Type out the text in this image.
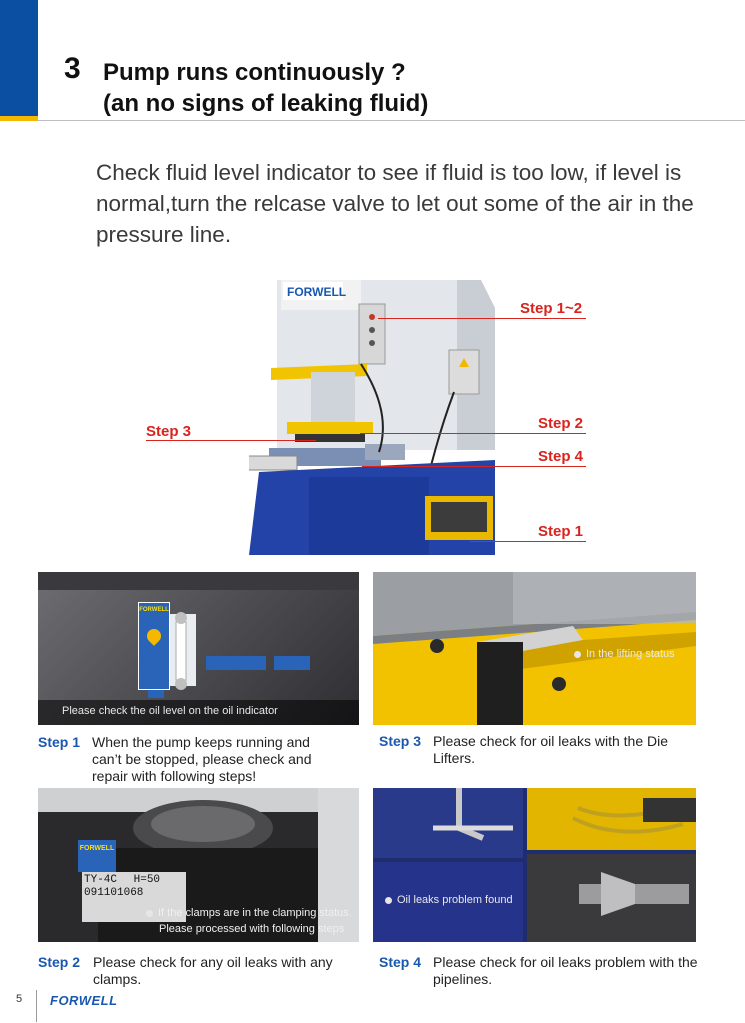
3 Pump runs continuously ?
(an no signs of leaking fluid)
Check fluid level indicator to see if fluid is too low, if level is normal,turn the relcase valve to let out some of the air in the pressure line.
FORWELL
Step 1~2
Step 2
Step 4
Step 1
Step 3
FORWELL
Please check the oil level on the oil indicator
In the lifting status
Step 1 When the pump keeps running and can’t be stopped, please check and repair with following steps!
Step 3 Please check for oil leaks with the Die Lifters.
FORWELL
TY-4C H=50
091101068
If the clamps are in the clamping status.
Please processed with following steps
Oil leaks problem found
Step 2 Please check for any oil leaks with any clamps.
Step 4 Please check for oil leaks problem with the pipelines.
5 FORWELL
